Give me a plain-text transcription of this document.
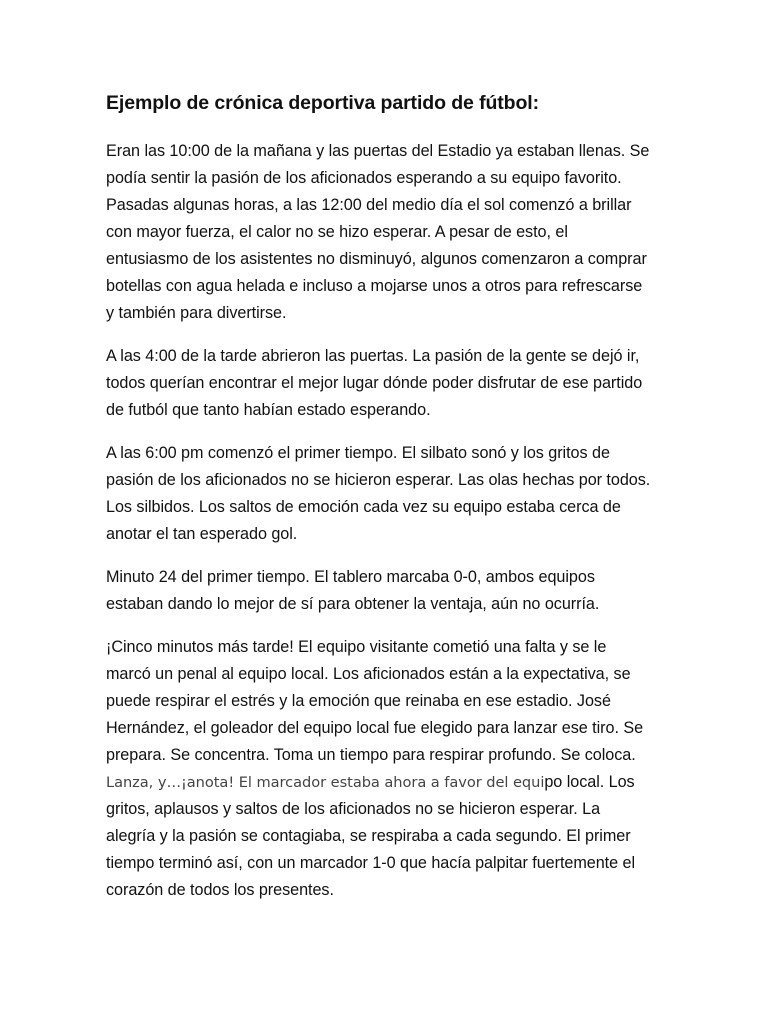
Ejemplo de crónica deportiva partido de fútbol:

Eran las 10:00 de la mañana y las puertas del Estadio ya estaban llenas. Se
podía sentir la pasión de los aficionados esperando a su equipo favorito.
Pasadas algunas horas, a las 12:00 del medio día el sol comenzó a brillar
con mayor fuerza, el calor no se hizo esperar. A pesar de esto, el
entusiasmo de los asistentes no disminuyó, algunos comenzaron a comprar
botellas con agua helada e incluso a mojarse unos a otros para refrescarse
y también para divertirse.

A las 4:00 de la tarde abrieron las puertas. La pasión de la gente se dejó ir,
todos querían encontrar el mejor lugar dónde poder disfrutar de ese partido
de futból que tanto habían estado esperando.

A las 6:00 pm comenzó el primer tiempo. El silbato sonó y los gritos de
pasión de los aficionados no se hicieron esperar. Las olas hechas por todos.
Los silbidos. Los saltos de emoción cada vez su equipo estaba cerca de
anotar el tan esperado gol.

Minuto 24 del primer tiempo. El tablero marcaba 0-0, ambos equipos
estaban dando lo mejor de sí para obtener la ventaja, aún no ocurría.

¡Cinco minutos más tarde! El equipo visitante cometió una falta y se le
marcó un penal al equipo local. Los aficionados están a la expectativa, se
puede respirar el estrés y la emoción que reinaba en ese estadio. José
Hernández, el goleador del equipo local fue elegido para lanzar ese tiro. Se
prepara. Se concentra. Toma un tiempo para respirar profundo. Se coloca.
Lanza, y…¡anota! El marcador estaba ahora a favor del equipo local. Los
gritos, aplausos y saltos de los aficionados no se hicieron esperar. La
alegría y la pasión se contagiaba, se respiraba a cada segundo. El primer
tiempo terminó así, con un marcador 1-0 que hacía palpitar fuertemente el
corazón de todos los presentes.
